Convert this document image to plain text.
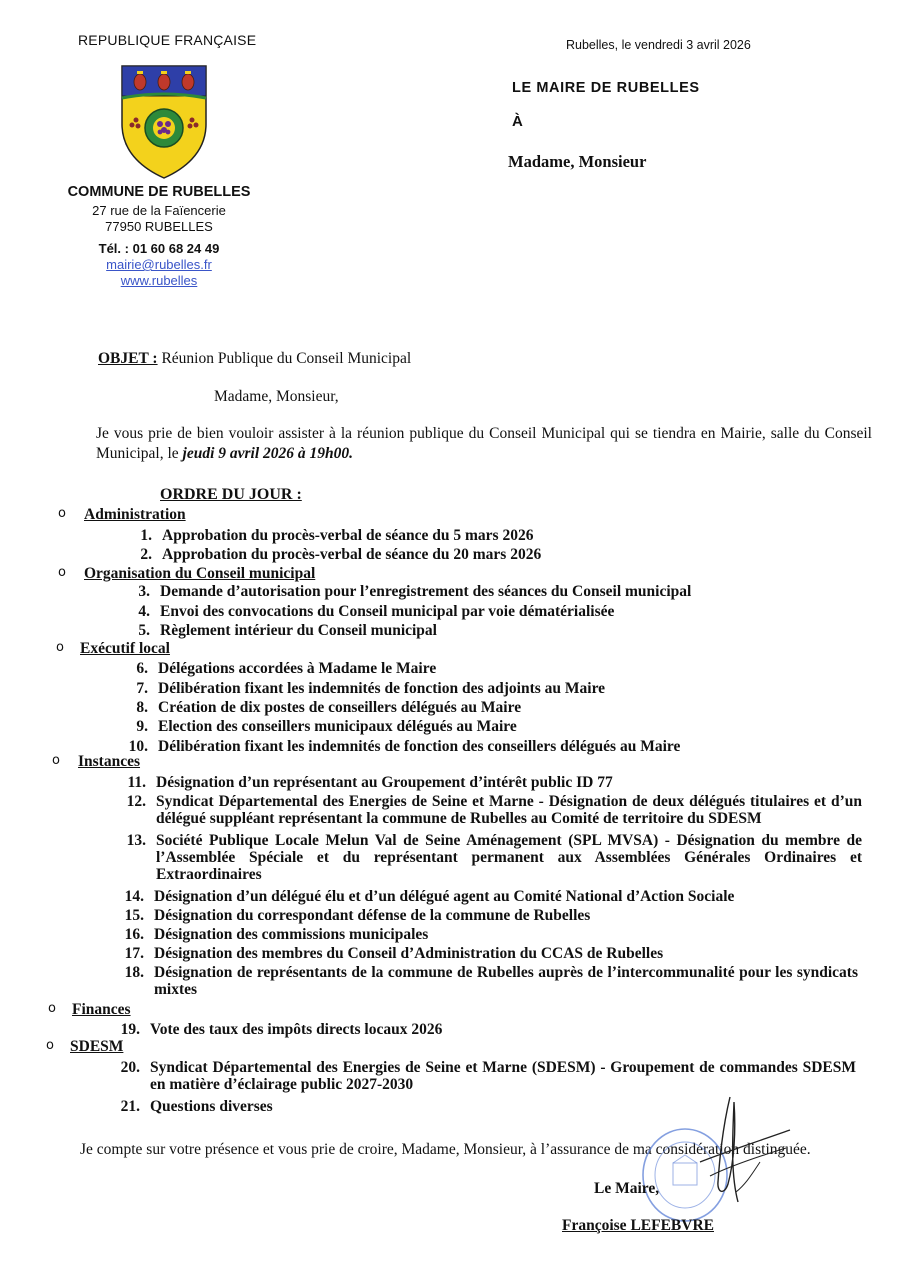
REPUBLIQUE FRANÇAISE	Rubelles, le vendredi 3 avril 2026
COMMUNE DE RUBELLES
27 rue de la Faïencerie
77950 RUBELLES
Tél. : 01 60 68 24 49
mairie@rubelles.fr
www.rubelles
LE MAIRE DE RUBELLES
À
Madame, Monsieur
OBJET : Réunion Publique du Conseil Municipal
Madame, Monsieur,
Je vous prie de bien vouloir assister à la réunion publique du Conseil Municipal qui se tiendra en Mairie, salle du Conseil Municipal, le jeudi 9 avril 2026 à 19h00.
ORDRE DU JOUR :
o Administration
o Organisation du Conseil municipal
o Exécutif local
o Instances
o Finances
o SDESM
1. Approbation du procès-verbal de séance du 5 mars 2026
2. Approbation du procès-verbal de séance du 20 mars 2026
3. Demande d’autorisation pour l’enregistrement des séances du Conseil municipal
4. Envoi des convocations du Conseil municipal par voie dématérialisée
5. Règlement intérieur du Conseil municipal
6. Délégations accordées à Madame le Maire
7. Délibération fixant les indemnités de fonction des adjoints au Maire
8. Création de dix postes de conseillers délégués au Maire
9. Election des conseillers municipaux délégués au Maire
10. Délibération fixant les indemnités de fonction des conseillers délégués au Maire
11. Désignation d’un représentant au Groupement d’intérêt public ID 77
12. Syndicat Départemental des Energies de Seine et Marne - Désignation de deux délégués titulaires et d’un délégué suppléant représentant la commune de Rubelles au Comité de territoire du SDESM
13. Société Publique Locale Melun Val de Seine Aménagement (SPL MVSA) - Désignation du membre de l’Assemblée Spéciale et du représentant permanent aux Assemblées Générales Ordinaires et Extraordinaires
14. Désignation d’un délégué élu et d’un délégué agent au Comité National d’Action Sociale
15. Désignation du correspondant défense de la commune de Rubelles
16. Désignation des commissions municipales
17. Désignation des membres du Conseil d’Administration du CCAS de Rubelles
18. Désignation de représentants de la commune de Rubelles auprès de l’intercommunalité pour les syndicats mixtes
19. Vote des taux des impôts directs locaux 2026
20. Syndicat Départemental des Energies de Seine et Marne (SDESM) - Groupement de commandes SDESM en matière d’éclairage public 2027-2030
21. Questions diverses
Je compte sur votre présence et vous prie de croire, Madame, Monsieur, à l’assurance de ma considération distinguée.
Le Maire,
Françoise LEFEBVRE
